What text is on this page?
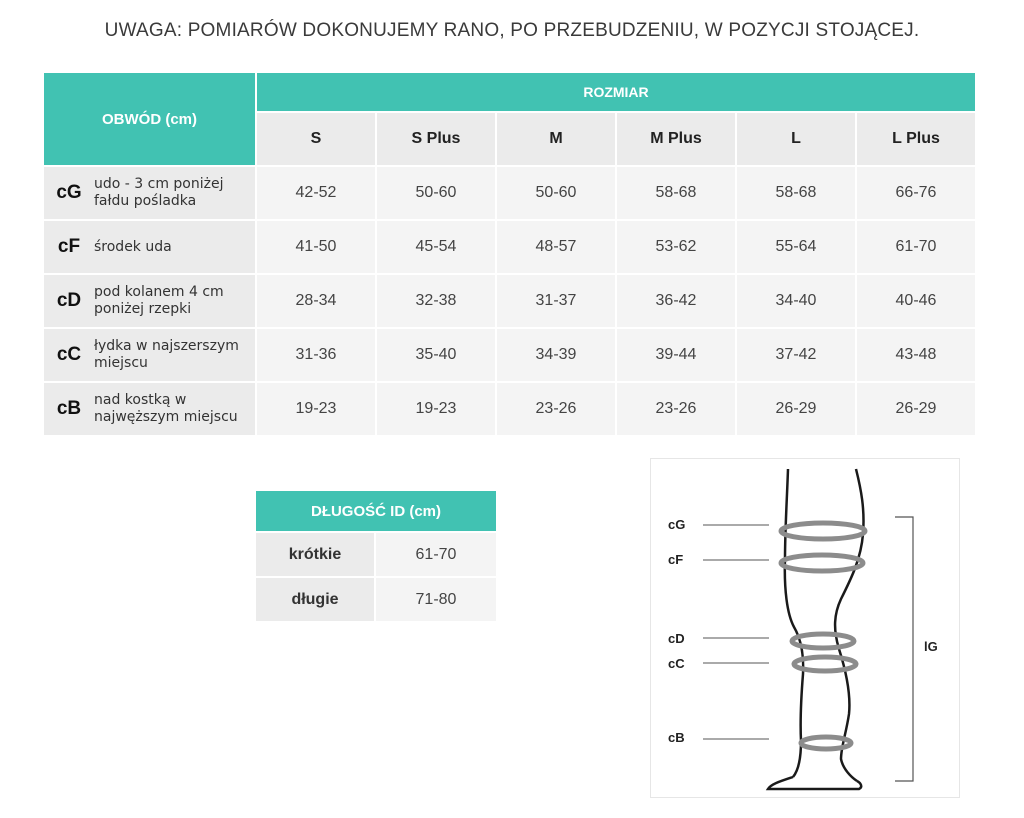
UWAGA: POMIARÓW DOKONUJEMY RANO, PO PRZEBUDZENIU, W POZYCJI STOJĄCEJ.
OBWÓD (cm)	ROZMIAR					
	S	S Plus	M	M Plus	L	L Plus

cG udo - 3 cm poniżej fałdu pośladka	42-52	50-60	50-60	58-68	58-68	66-76

cF środek uda	41-50	45-54	48-57	53-62	55-64	61-70

cD pod kolanem 4 cm poniżej rzepki	28-34	32-38	31-37	36-42	34-40	40-46

cC łydka w najszerszym miejscu	31-36	35-40	34-39	39-44	37-42	43-48

cB nad kostką w najwęższym miejscu	19-23	19-23	23-26	23-26	26-29	26-29
DŁUGOŚĆ ID (cm)	
krótkie	61-70
długie	71-80
cG
cF
cD
cC
cB
lG
